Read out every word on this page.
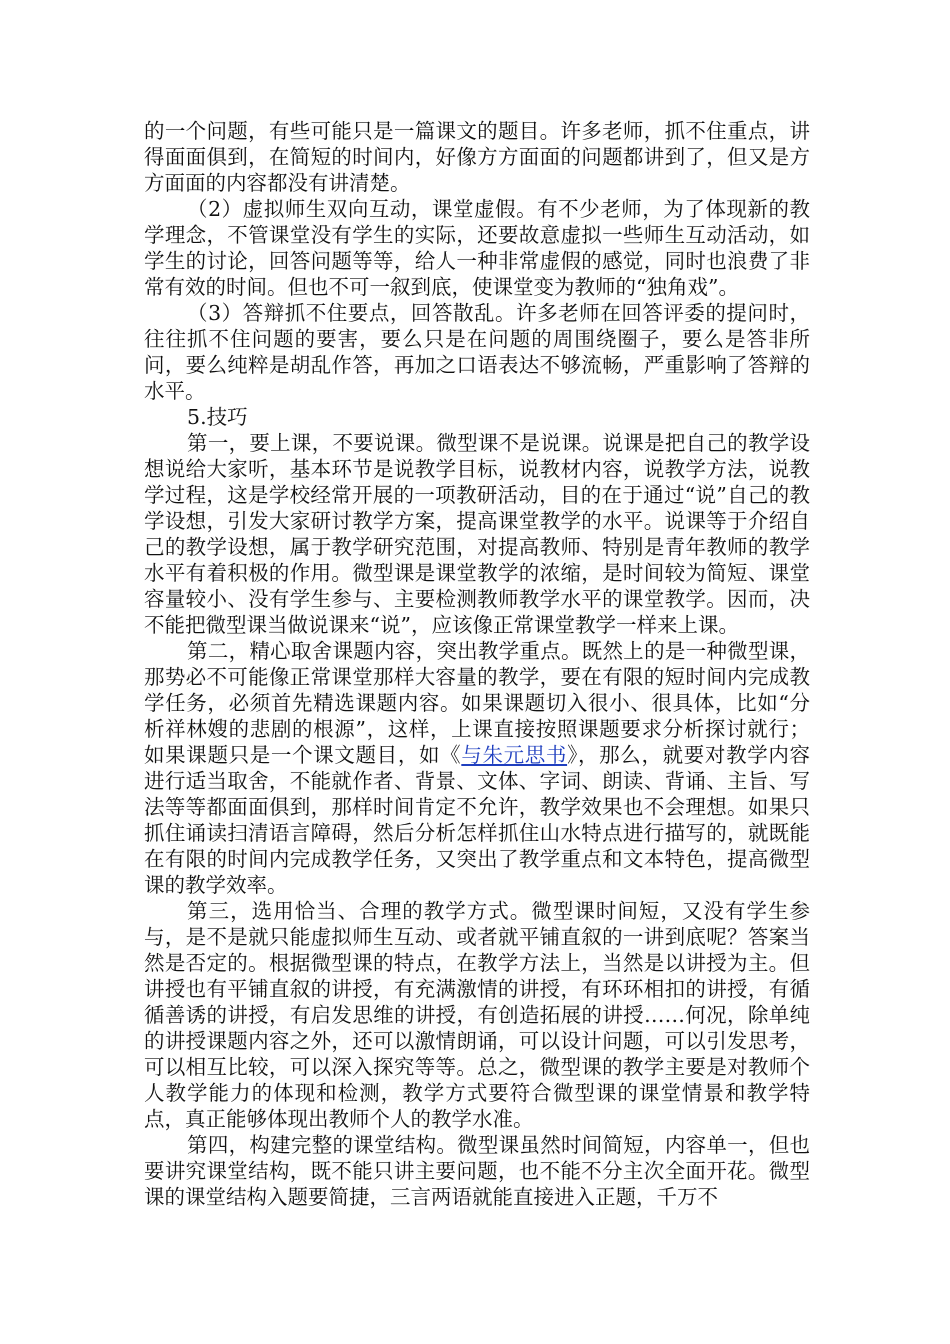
的一个问题，有些可能只是一篇课文的题目。许多老师，抓不住重点，讲得面面俱到，在简短的时间内，好像方方面面的问题都讲到了，但又是方方面面的内容都没有讲清楚。

（2）虚拟师生双向互动，课堂虚假。有不少老师，为了体现新的教学理念，不管课堂没有学生的实际，还要故意虚拟一些师生互动活动，如学生的讨论，回答问题等等，给人一种非常虚假的感觉，同时也浪费了非常有效的时间。但也不可一叙到底，使课堂变为教师的“独角戏”。

（3）答辩抓不住要点，回答散乱。许多老师在回答评委的提问时，往往抓不住问题的要害，要么只是在问题的周围绕圈子，要么是答非所问，要么纯粹是胡乱作答，再加之口语表达不够流畅，严重影响了答辩的水平。

5.技巧

第一，要上课，不要说课。微型课不是说课。说课是把自己的教学设想说给大家听，基本环节是说教学目标，说教材内容，说教学方法，说教学过程，这是学校经常开展的一项教研活动，目的在于通过“说”自己的教学设想，引发大家研讨教学方案，提高课堂教学的水平。说课等于介绍自己的教学设想，属于教学研究范围，对提高教师、特别是青年教师的教学水平有着积极的作用。微型课是课堂教学的浓缩，是时间较为简短、课堂容量较小、没有学生参与、主要检测教师教学水平的课堂教学。因而，决不能把微型课当做说课来“说”，应该像正常课堂教学一样来上课。

第二，精心取舍课题内容，突出教学重点。既然上的是一种微型课，那势必不可能像正常课堂那样大容量的教学，要在有限的短时间内完成教学任务，必须首先精选课题内容。如果课题切入很小、很具体，比如“分析祥林嫂的悲剧的根源”，这样，上课直接按照课题要求分析探讨就行；如果课题只是一个课文题目，如《与朱元思书》，那么，就要对教学内容进行适当取舍，不能就作者、背景、文体、字词、朗读、背诵、主旨、写法等等都面面俱到，那样时间肯定不允许，教学效果也不会理想。如果只抓住诵读扫清语言障碍，然后分析怎样抓住山水特点进行描写的，就既能在有限的时间内完成教学任务，又突出了教学重点和文本特色，提高微型课的教学效率。

第三，选用恰当、合理的教学方式。微型课时间短，又没有学生参与，是不是就只能虚拟师生互动、或者就平铺直叙的一讲到底呢？答案当然是否定的。根据微型课的特点，在教学方法上，当然是以讲授为主。但讲授也有平铺直叙的讲授，有充满激情的讲授，有环环相扣的讲授，有循循善诱的讲授，有启发思维的讲授，有创造拓展的讲授……何况，除单纯的讲授课题内容之外，还可以激情朗诵，可以设计问题，可以引发思考，可以相互比较，可以深入探究等等。总之，微型课的教学主要是对教师个人教学能力的体现和检测，教学方式要符合微型课的课堂情景和教学特点，真正能够体现出教师个人的教学水准。

第四，构建完整的课堂结构。微型课虽然时间简短，内容单一，但也要讲究课堂结构，既不能只讲主要问题，也不能不分主次全面开花。微型课的课堂结构入题要简捷，三言两语就能直接进入正题，千万不
